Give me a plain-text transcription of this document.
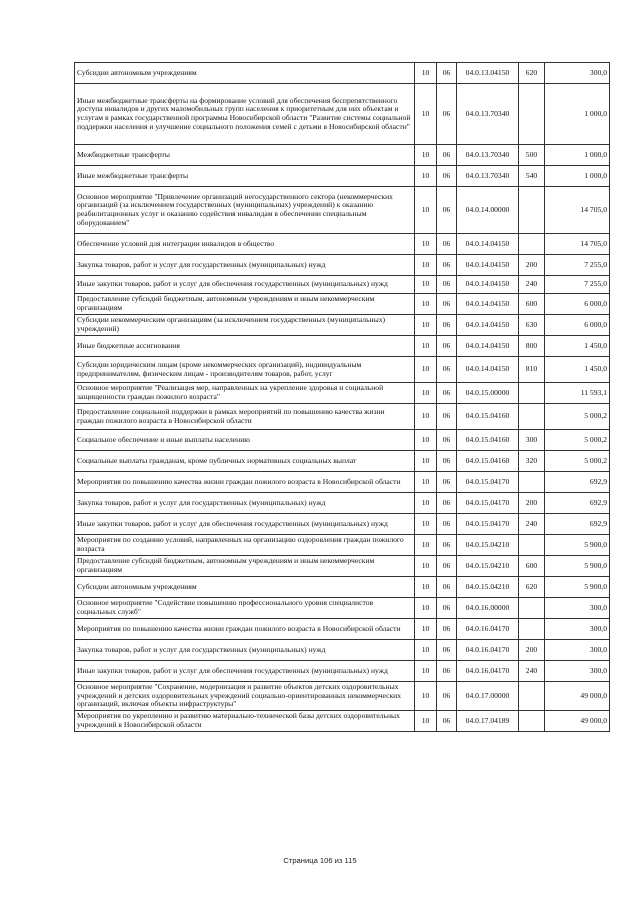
Субсидии автономным учреждениям	10	06	04.0.13.04150	620	300,0
Иные межбюджетные трансферты на формирование условий для обеспечения беспрепятственного доступа инвалидов и других маломобильных групп населения к приоритетным для них объектам и услугам в рамках государственной программы Новосибирской области "Развитие системы социальной поддержки населения и улучшение социального положения семей с детьми в Новосибирской области"	10	06	04.0.13.70340		1 000,0
Межбюджетные трансферты	10	06	04.0.13.70340	500	1 000,0
Иные межбюджетные трансферты	10	06	04.0.13.70340	540	1 000,0
Основное мероприятие "Привлечение организаций негосударственного сектора (некоммерческих организаций (за исключением государственных (муниципальных) учреждений) к оказанию реабилитационных услуг и оказанию содействия инвалидам в обеспечении специальным оборудованием"	10	06	04.0.14.00000		14 705,0
Обеспечение условий для интеграции инвалидов в общество	10	06	04.0.14.04150		14 705,0
Закупка товаров, работ и услуг для государственных (муниципальных) нужд	10	06	04.0.14.04150	200	7 255,0
Иные закупки товаров, работ и услуг для обеспечения государственных (муниципальных) нужд	10	06	04.0.14.04150	240	7 255,0
Предоставление субсидий бюджетным, автономным учреждениям и иным некоммерческим организациям	10	06	04.0.14.04150	600	6 000,0
Субсидии некоммерческим организациям (за исключением государственных (муниципальных) учреждений)	10	06	04.0.14.04150	630	6 000,0
Иные бюджетные ассигнования	10	06	04.0.14.04150	800	1 450,0
Субсидии юридическим лицам (кроме некоммерческих организаций), индивидуальным предпринимателям, физическим лицам - производителям товаров, работ, услуг	10	06	04.0.14.04150	810	1 450,0
Основное мероприятие "Реализация мер, направленных на укрепление здоровья и социальной защищенности граждан пожилого возраста"	10	06	04.0.15.00000		11 593,1
Предоставление социальной поддержки в рамках мероприятий по повышению качества жизни граждан пожилого возраста в Новосибирской области	10	06	04.0.15.04160		5 000,2
Социальное обеспечение и иные выплаты населению	10	06	04.0.15.04160	300	5 000,2
Социальные выплаты гражданам, кроме публичных нормативных социальных выплат	10	06	04.0.15.04160	320	5 000,2
Мероприятия по повышению качества жизни граждан пожилого возраста в Новосибирской области	10	06	04.0.15.04170		692,9
Закупка товаров, работ и услуг для государственных (муниципальных) нужд	10	06	04.0.15.04170	200	692,9
Иные закупки товаров, работ и услуг для обеспечения государственных (муниципальных) нужд	10	06	04.0.15.04170	240	692,9
Мероприятия по созданию условий, направленных на организацию оздоровления граждан пожилого возраста	10	06	04.0.15.04210		5 900,0
Предоставление субсидий бюджетным, автономным учреждениям и иным некоммерческим организациям	10	06	04.0.15.04210	600	5 900,0
Субсидии автономным учреждениям	10	06	04.0.15.04210	620	5 900,0
Основное мероприятие "Содействие повышению профессионального уровня специалистов социальных служб"	10	06	04.0.16.00000		300,0
Мероприятия по повышению качества жизни граждан пожилого возраста в Новосибирской области	10	06	04.0.16.04170		300,0
Закупка товаров, работ и услуг для государственных (муниципальных) нужд	10	06	04.0.16.04170	200	300,0
Иные закупки товаров, работ и услуг для обеспечения государственных (муниципальных) нужд	10	06	04.0.16.04170	240	300,0
Основное мероприятие "Сохранение, модернизация и развитие объектов детских оздоровительных учреждений и детских оздоровительных учреждений социально-ориентированных некоммерческих организаций, включая объекты инфраструктуры"	10	06	04.0.17.00000		49 000,0
Мероприятия по укреплению и развитию материально-технической базы детских оздоровительных учреждений в Новосибирской области	10	06	04.0.17.04189		49 000,0
Страница 106 из 115
